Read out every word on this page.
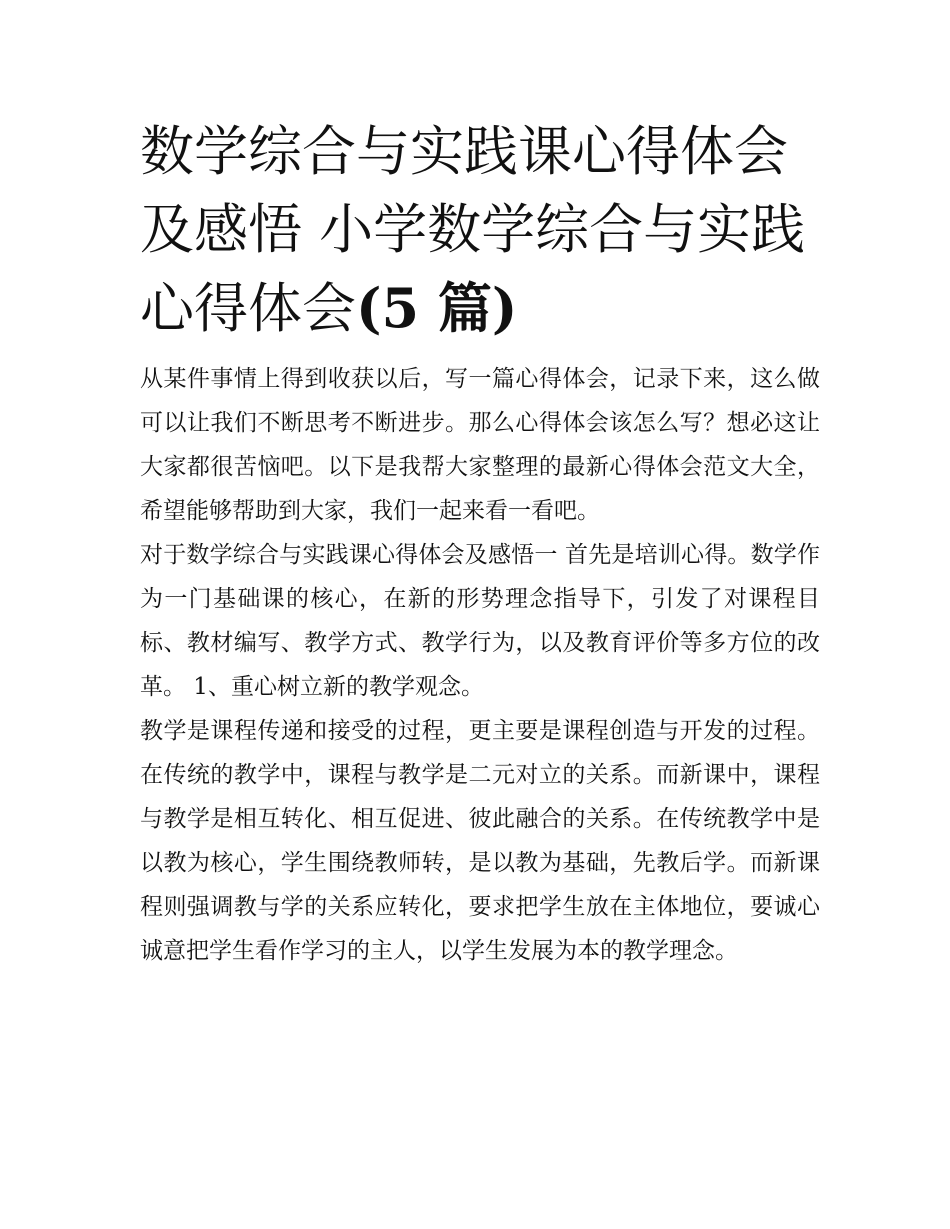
数学综合与实践课心得体会及感悟 小学数学综合与实践心得体会(5 篇)

从某件事情上得到收获以后，写一篇心得体会，记录下来，这么做可以让我们不断思考不断进步。那么心得体会该怎么写？想必这让大家都很苦恼吧。以下是我帮大家整理的最新心得体会范文大全，希望能够帮助到大家，我们一起来看一看吧。

对于数学综合与实践课心得体会及感悟一 首先是培训心得。数学作为一门基础课的核心，在新的形势理念指导下，引发了对课程目标、教材编写、教学方式、教学行为，以及教育评价等多方位的改革。 1、重心树立新的教学观念。

教学是课程传递和接受的过程，更主要是课程创造与开发的过程。在传统的教学中，课程与教学是二元对立的关系。而新课中，课程与教学是相互转化、相互促进、彼此融合的关系。在传统教学中是以教为核心，学生围绕教师转，是以教为基础，先教后学。而新课程则强调教与学的关系应转化，要求把学生放在主体地位，要诚心诚意把学生看作学习的主人，以学生发展为本的教学理念。
